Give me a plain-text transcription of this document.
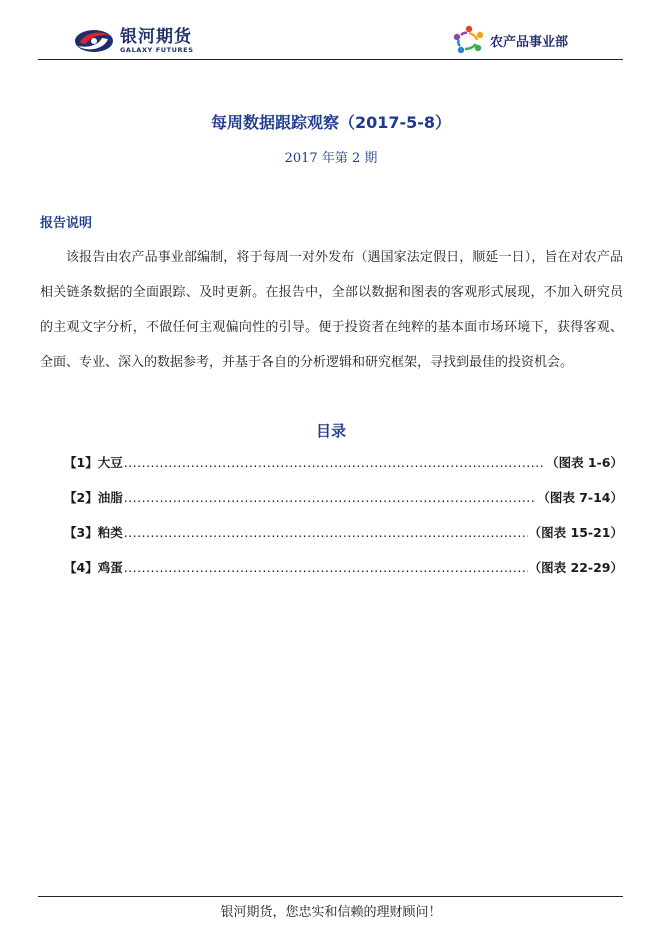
银河期货
GALAXY FUTURES
农产品事业部
每周数据跟踪观察（2017-5-8）
2017 年第 2 期
报告说明

该报告由农产品事业部编制，将于每周一对外发布（遇国家法定假日，顺延一日），旨在对农产品相关链条数据的全面跟踪、及时更新。在报告中，全部以数据和图表的客观形式展现，不加入研究员的主观文字分析，不做任何主观偏向性的引导。便于投资者在纯粹的基本面市场环境下，获得客观、全面、专业、深入的数据参考，并基于各自的分析逻辑和研究框架，寻找到最佳的投资机会。

目录
【1】大豆 .....	（图表 1-6）
【2】油脂 .....	（图表 7-14）
【3】粕类 .....	（图表 15-21）
【4】鸡蛋 .....	（图表 22-29）
银河期货，您忠实和信赖的理财顾问！
